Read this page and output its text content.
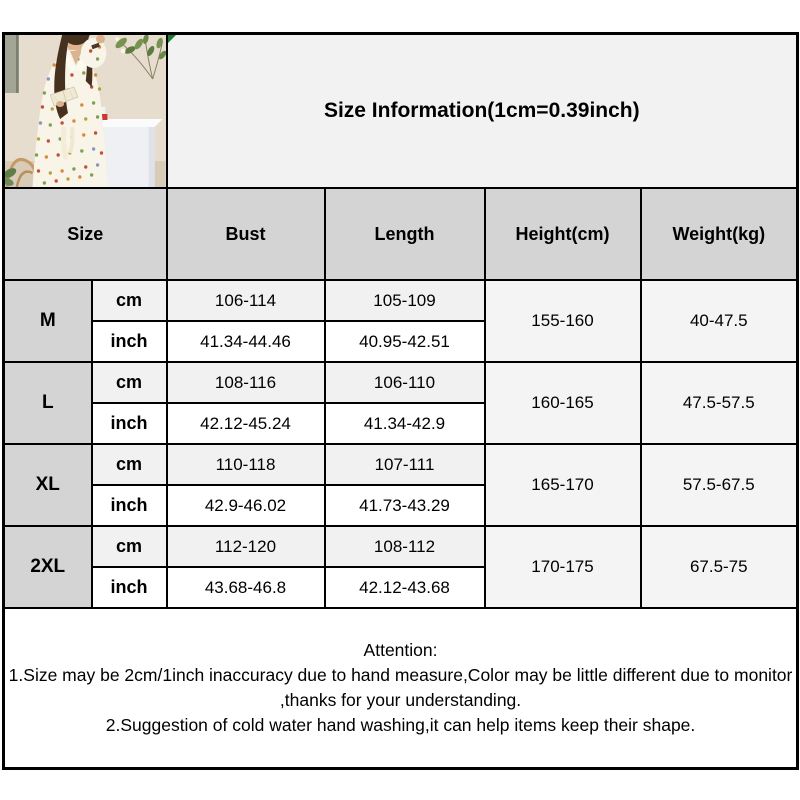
Size Information(1cm=0.39inch)			
Size		Bust	Length	Height(cm)	Weight(kg)
M	cm	106-114	105-109	155-160	40-47.5
	inch	41.34-44.46	40.95-42.51		
L	cm	108-116	106-110	160-165	47.5-57.5
	inch	42.12-45.24	41.34-42.9		
XL	cm	110-118	107-111	165-170	57.5-67.5
	inch	42.9-46.02	41.73-43.29		
2XL	cm	112-120	108-112	170-175	67.5-75
	inch	43.68-46.8	42.12-43.68		

Attention:
1.Size may be 2cm/1inch inaccuracy due to hand measure,Color may be little different due to monitor ,thanks for your understanding.
2.Suggestion of cold water hand washing,it can help items keep their shape.					
